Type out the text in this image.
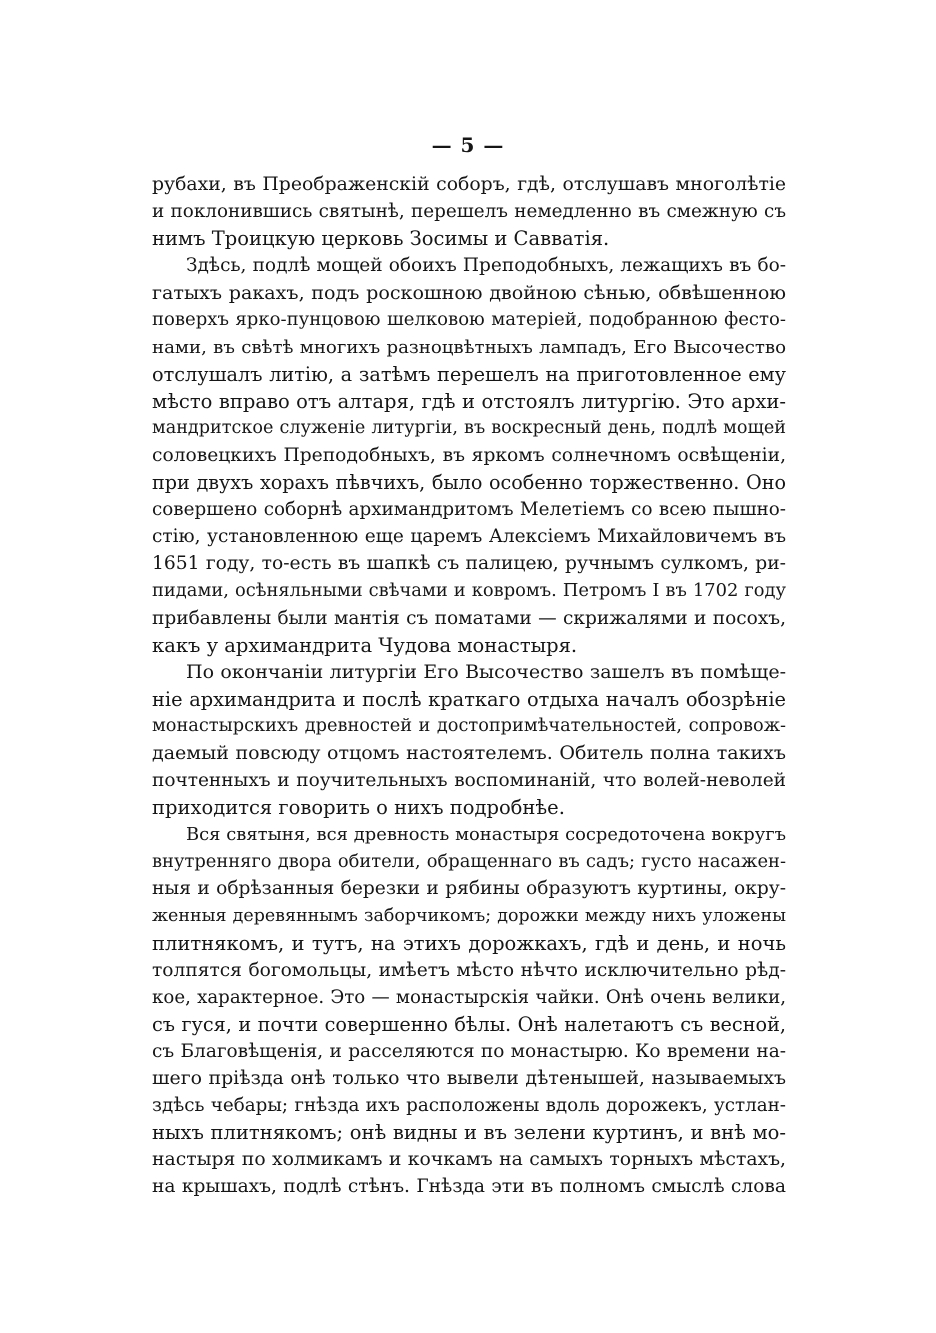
— 5 —
рубахи, въ Преображенскій соборъ, гдѣ, отслушавъ многолѣтіе
и поклонившись святынѣ, перешелъ немедленно въ смежную съ
нимъ Троицкую церковь Зосимы и Савватія.
Здѣсь, подлѣ мощей обоихъ Преподобныхъ, лежащихъ въ бо-
гатыхъ ракахъ, подъ роскошною двойною сѣнью, обвѣшенною
поверхъ ярко-пунцовою шелковою матеріей, подобранною фесто-
нами, въ свѣтѣ многихъ разноцвѣтныхъ лампадъ, Его Высочество
отслушалъ литію, а затѣмъ перешелъ на приготовленное ему
мѣсто вправо отъ алтаря, гдѣ и отстоялъ литургію. Это архи-
мандритское служеніе литургіи, въ воскресный день, подлѣ мощей
соловецкихъ Преподобныхъ, въ яркомъ солнечномъ освѣщеніи,
при двухъ хорахъ пѣвчихъ, было особенно торжественно. Оно
совершено соборнѣ архимандритомъ Мелетіемъ со всею пышно-
стію, установленною еще царемъ Алексіемъ Михайловичемъ въ
1651 году, то-есть въ шапкѣ съ палицею, ручнымъ сулкомъ, ри-
пидами, осѣняльными свѣчами и ковромъ. Петромъ I въ 1702 году
прибавлены были мантія съ поматами — скрижалями и посохъ,
какъ у архимандрита Чудова монастыря.
По окончаніи литургіи Его Высочество зашелъ въ помѣще-
ніе архимандрита и послѣ краткаго отдыха началъ обозрѣніе
монастырскихъ древностей и достопримѣчательностей, сопровож-
даемый повсюду отцомъ настоятелемъ. Обитель полна такихъ
почтенныхъ и поучительныхъ воспоминаній, что волей-неволей
приходится говорить о нихъ подробнѣе.
Вся святыня, вся древность монастыря сосредоточена вокругъ
внутренняго двора обители, обращеннаго въ садъ; густо насажен-
ныя и обрѣзанныя березки и рябины образуютъ куртины, окру-
женныя деревяннымъ заборчикомъ; дорожки между нихъ уложены
плитнякомъ, и тутъ, на этихъ дорожкахъ, гдѣ и день, и ночь
толпятся богомольцы, имѣетъ мѣсто нѣчто исключительно рѣд-
кое, характерное. Это — монастырскія чайки. Онѣ очень велики,
съ гуся, и почти совершенно бѣлы. Онѣ налетаютъ съ весной,
съ Благовѣщенія, и расселяются по монастырю. Ко времени на-
шего пріѣзда онѣ только что вывели дѣтенышей, называемыхъ
здѣсь чебары; гнѣзда ихъ расположены вдоль дорожекъ, устлан-
ныхъ плитнякомъ; онѣ видны и въ зелени куртинъ, и внѣ мо-
настыря по холмикамъ и кочкамъ на самыхъ торныхъ мѣстахъ,
на крышахъ, подлѣ стѣнъ. Гнѣзда эти въ полномъ смыслѣ слова
